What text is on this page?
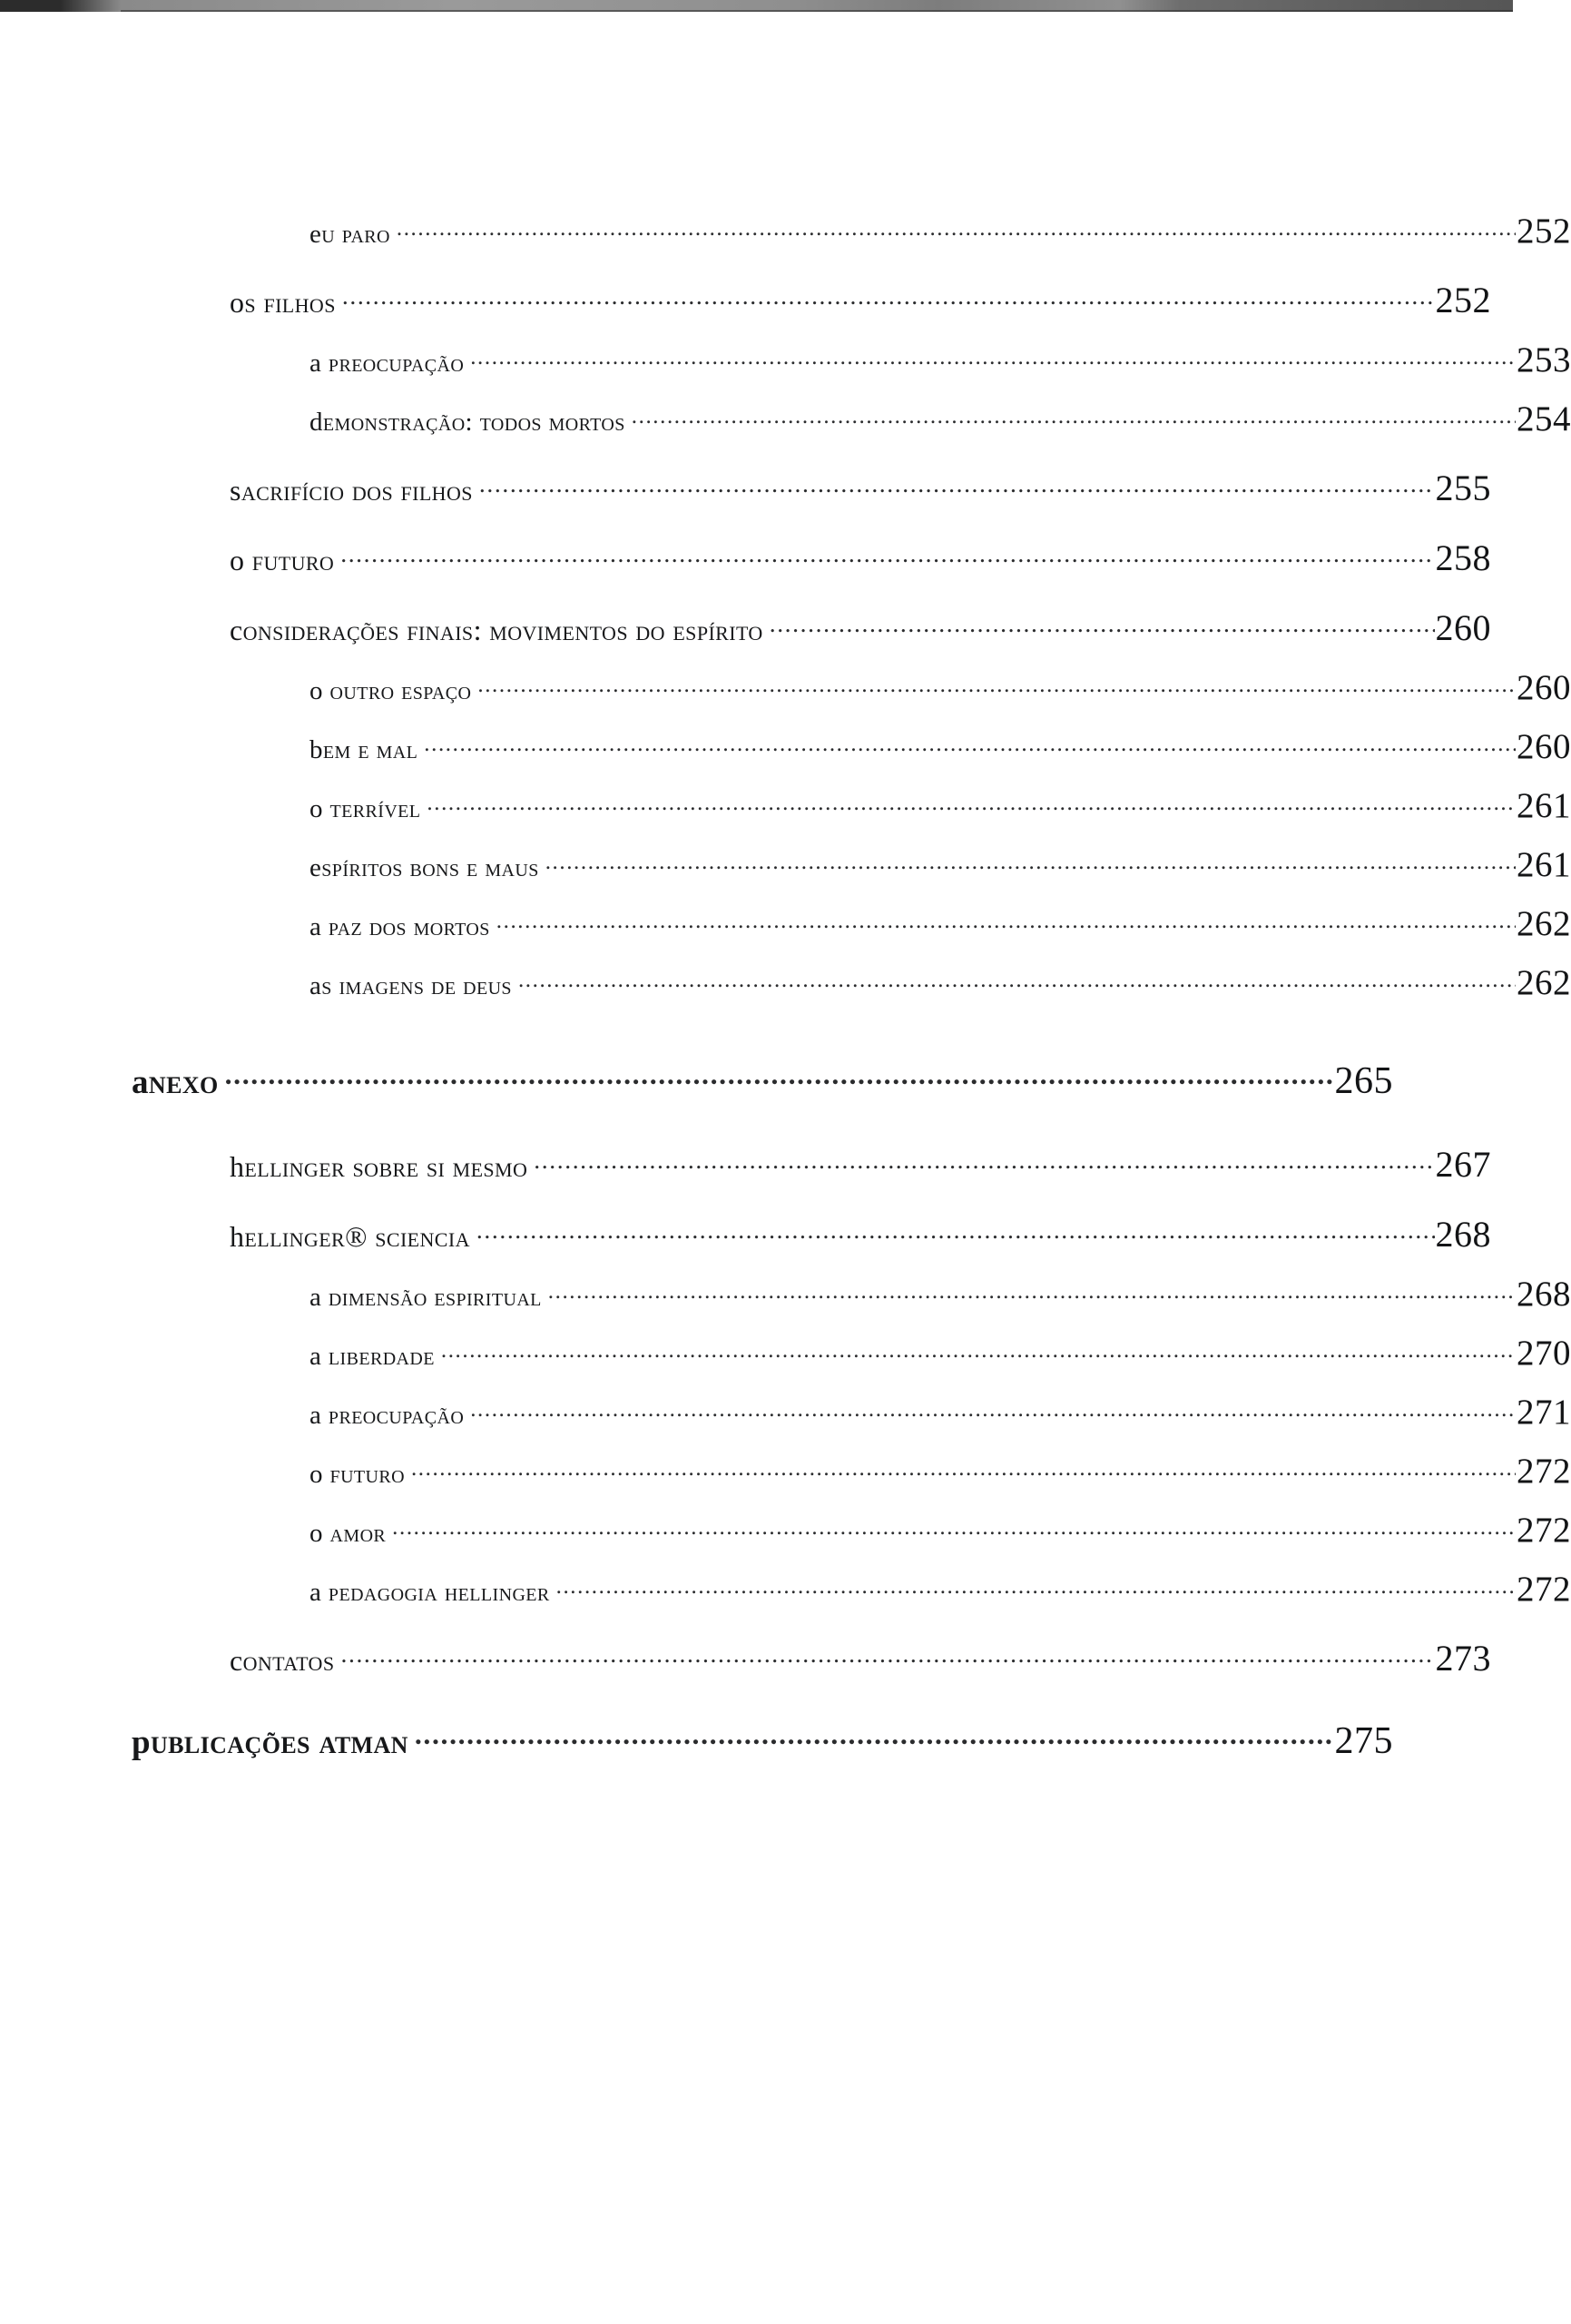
eu paro .....	252
os filhos .....	252
a preocupação .....	253
demonstração: todos mortos .....	254
sacrifício dos filhos .....	255
o futuro .....	258
considerações finais: movimentos do espírito .....	260
o outro espaço .....	260
bem e mal .....	260
o terrível .....	261
espíritos bons e maus .....	261
a paz dos mortos .....	262
as imagens de deus .....	262
anexo .....	265
hellinger sobre si mesmo .....	267
hellinger® sciencia .....	268
a dimensão espiritual .....	268
a liberdade .....	270
a preocupação .....	271
o futuro .....	272
o amor .....	272
a pedagogia hellinger .....	272
contatos .....	273
publicações atman .....	275
